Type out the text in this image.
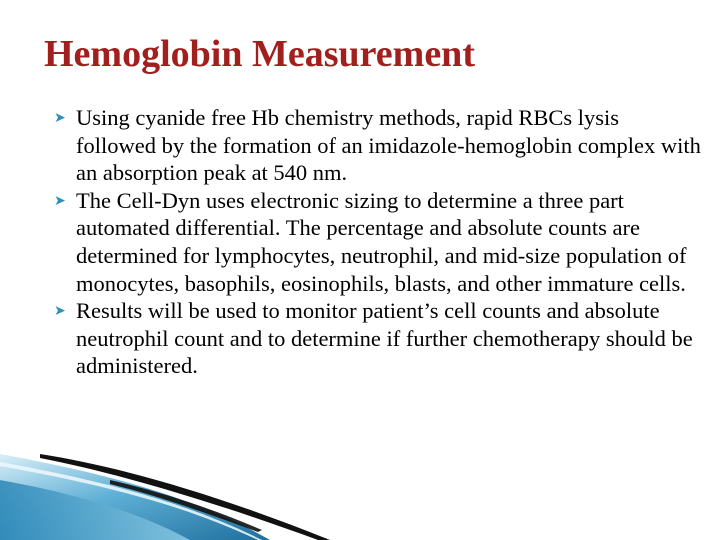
Hemoglobin Measurement
➤ Using cyanide free Hb chemistry methods, rapid RBCs lysis followed by the formation of an imidazole-hemoglobin complex with an absorption peak at 540 nm.
➤ The Cell-Dyn uses electronic sizing to determine a three part automated differential. The percentage and absolute counts are determined for lymphocytes, neutrophil, and mid-size population of monocytes, basophils, eosinophils, blasts, and other immature cells.
➤ Results will be used to monitor patient’s cell counts and absolute neutrophil count and to determine if further chemotherapy should be administered.
